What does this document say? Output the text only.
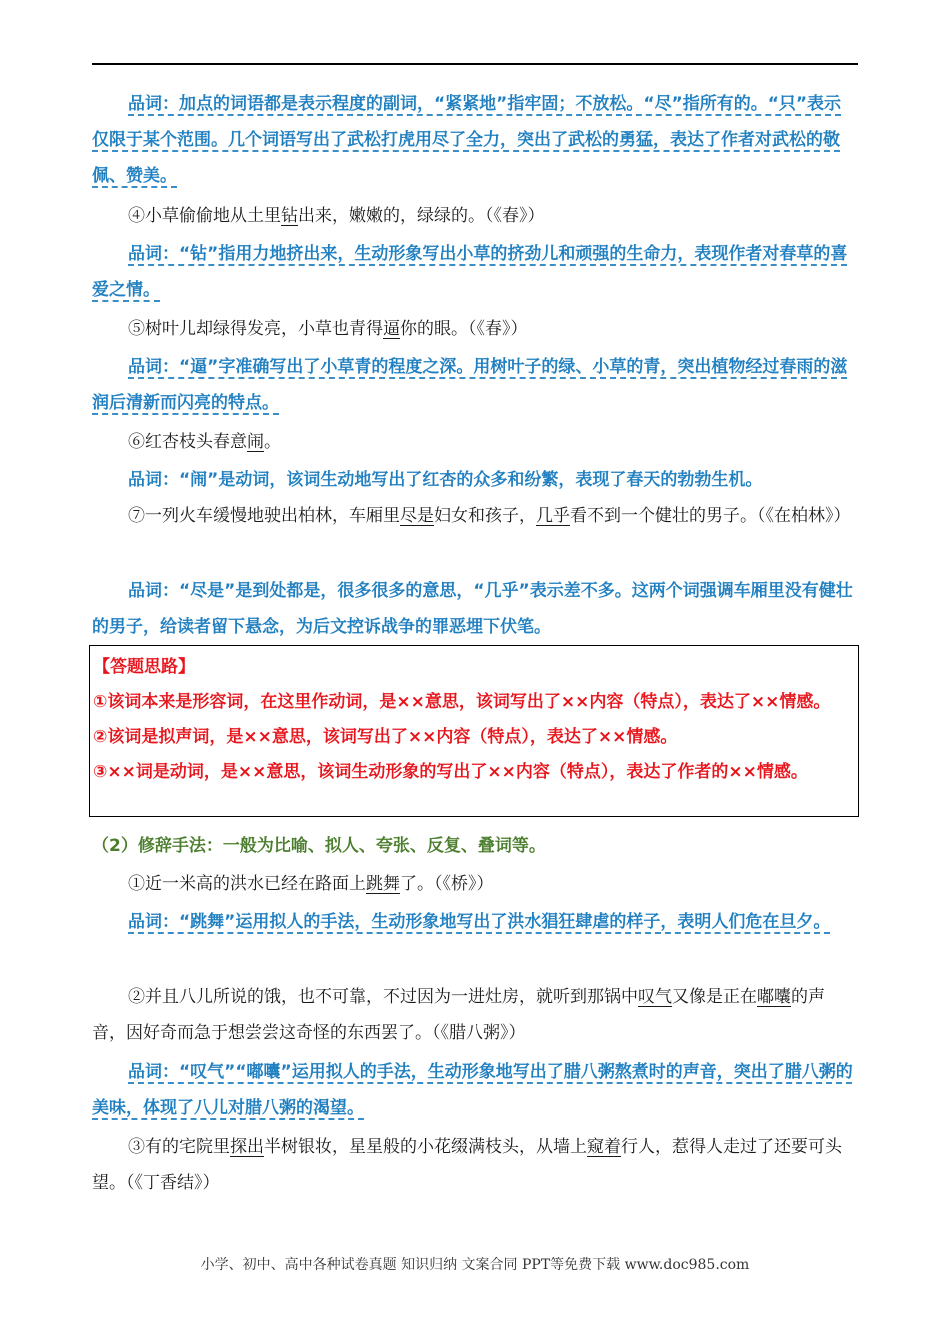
品词：加点的词语都是表示程度的副词，“紧紧地”指牢固；不放松。“尽”指所有的。“只”表示仅限于某个范围。几个词语写出了武松打虎用尽了全力，突出了武松的勇猛，表达了作者对武松的敬佩、赞美。

④小草偷偷地从土里钻出来，嫩嫩的，绿绿的。（《春》）

品词：“钻”指用力地挤出来，生动形象写出小草的挤劲儿和顽强的生命力，表现作者对春草的喜爱之情。

⑤树叶儿却绿得发亮，小草也青得逼你的眼。（《春》）

品词：“逼”字准确写出了小草青的程度之深。用树叶子的绿、小草的青，突出植物经过春雨的滋润后清新而闪亮的特点。

⑥红杏枝头春意闹。

品词：“闹”是动词，该词生动地写出了红杏的众多和纷繁，表现了春天的勃勃生机。

⑦一列火车缓慢地驶出柏林，车厢里尽是妇女和孩子，几乎看不到一个健壮的男子。（《在柏林》）

品词：“尽是”是到处都是，很多很多的意思，“几乎”表示差不多。这两个词强调车厢里没有健壮的男子，给读者留下悬念，为后文控诉战争的罪恶埋下伏笔。

【答题思路】
①该词本来是形容词，在这里作动词，是××意思，该词写出了××内容（特点），表达了××情感。
②该词是拟声词，是××意思，该词写出了××内容（特点），表达了××情感。
③××词是动词，是××意思，该词生动形象的写出了××内容（特点），表达了作者的××情感。

（2）修辞手法：一般为比喻、拟人、夸张、反复、叠词等。

①近一米高的洪水已经在路面上跳舞了。（《桥》）

品词：“跳舞”运用拟人的手法，生动形象地写出了洪水猖狂肆虐的样子，表明人们危在旦夕。

②并且八儿所说的饿，也不可靠，不过因为一进灶房，就听到那锅中叹气又像是正在嘟囔的声音，因好奇而急于想尝尝这奇怪的东西罢了。（《腊八粥》）

品词：“叹气”“嘟囔”运用拟人的手法，生动形象地写出了腊八粥熬煮时的声音，突出了腊八粥的美味，体现了八儿对腊八粥的渴望。

③有的宅院里探出半树银妆，星星般的小花缀满枝头，从墙上窥着行人，惹得人走过了还要可头望。（《丁香结》）

小学、初中、高中各种试卷真题 知识归纳 文案合同 PPT等免费下载 www.doc985.com
